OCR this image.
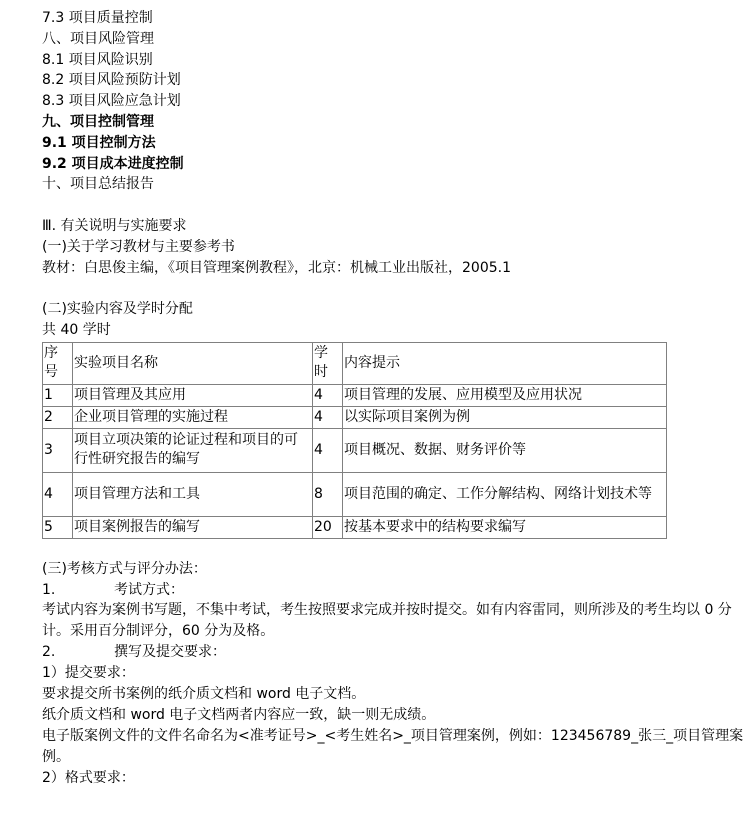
7.3 项目质量控制
八、项目风险管理
8.1 项目风险识别
8.2 项目风险预防计划
8.3 项目风险应急计划
九、项目控制管理
9.1 项目控制方法
9.2 项目成本进度控制
十、项目总结报告
Ⅲ. 有关说明与实施要求
(一)关于学习教材与主要参考书
教材：白思俊主编，《项目管理案例教程》，北京：机械工业出版社，2005.1
(二)实验内容及学时分配
共 40 学时
序号	实验项目名称	学时	内容提示
1	项目管理及其应用	4	项目管理的发展、应用模型及应用状况
2	企业项目管理的实施过程	4	以实际项目案例为例
3	项目立项决策的论证过程和项目的可行性研究报告的编写	4	项目概况、数据、财务评价等
4	项目管理方法和工具	8	项目范围的确定、工作分解结构、网络计划技术等
5	项目案例报告的编写	20	按基本要求中的结构要求编写
(三)考核方式与评分办法：
1.	考试方式：
考试内容为案例书写题，不集中考试，考生按照要求完成并按时提交。如有内容雷同，则所涉及的考生均以 0 分计。采用百分制评分，60 分为及格。
2.	撰写及提交要求：
1）提交要求：
要求提交所书案例的纸介质文档和 word 电子文档。
纸介质文档和 word 电子文档两者内容应一致，缺一则无成绩。
电子版案例文件的文件名命名为<准考证号>_<考生姓名>_项目管理案例，例如：123456789_张三_项目管理案例。
2）格式要求：
